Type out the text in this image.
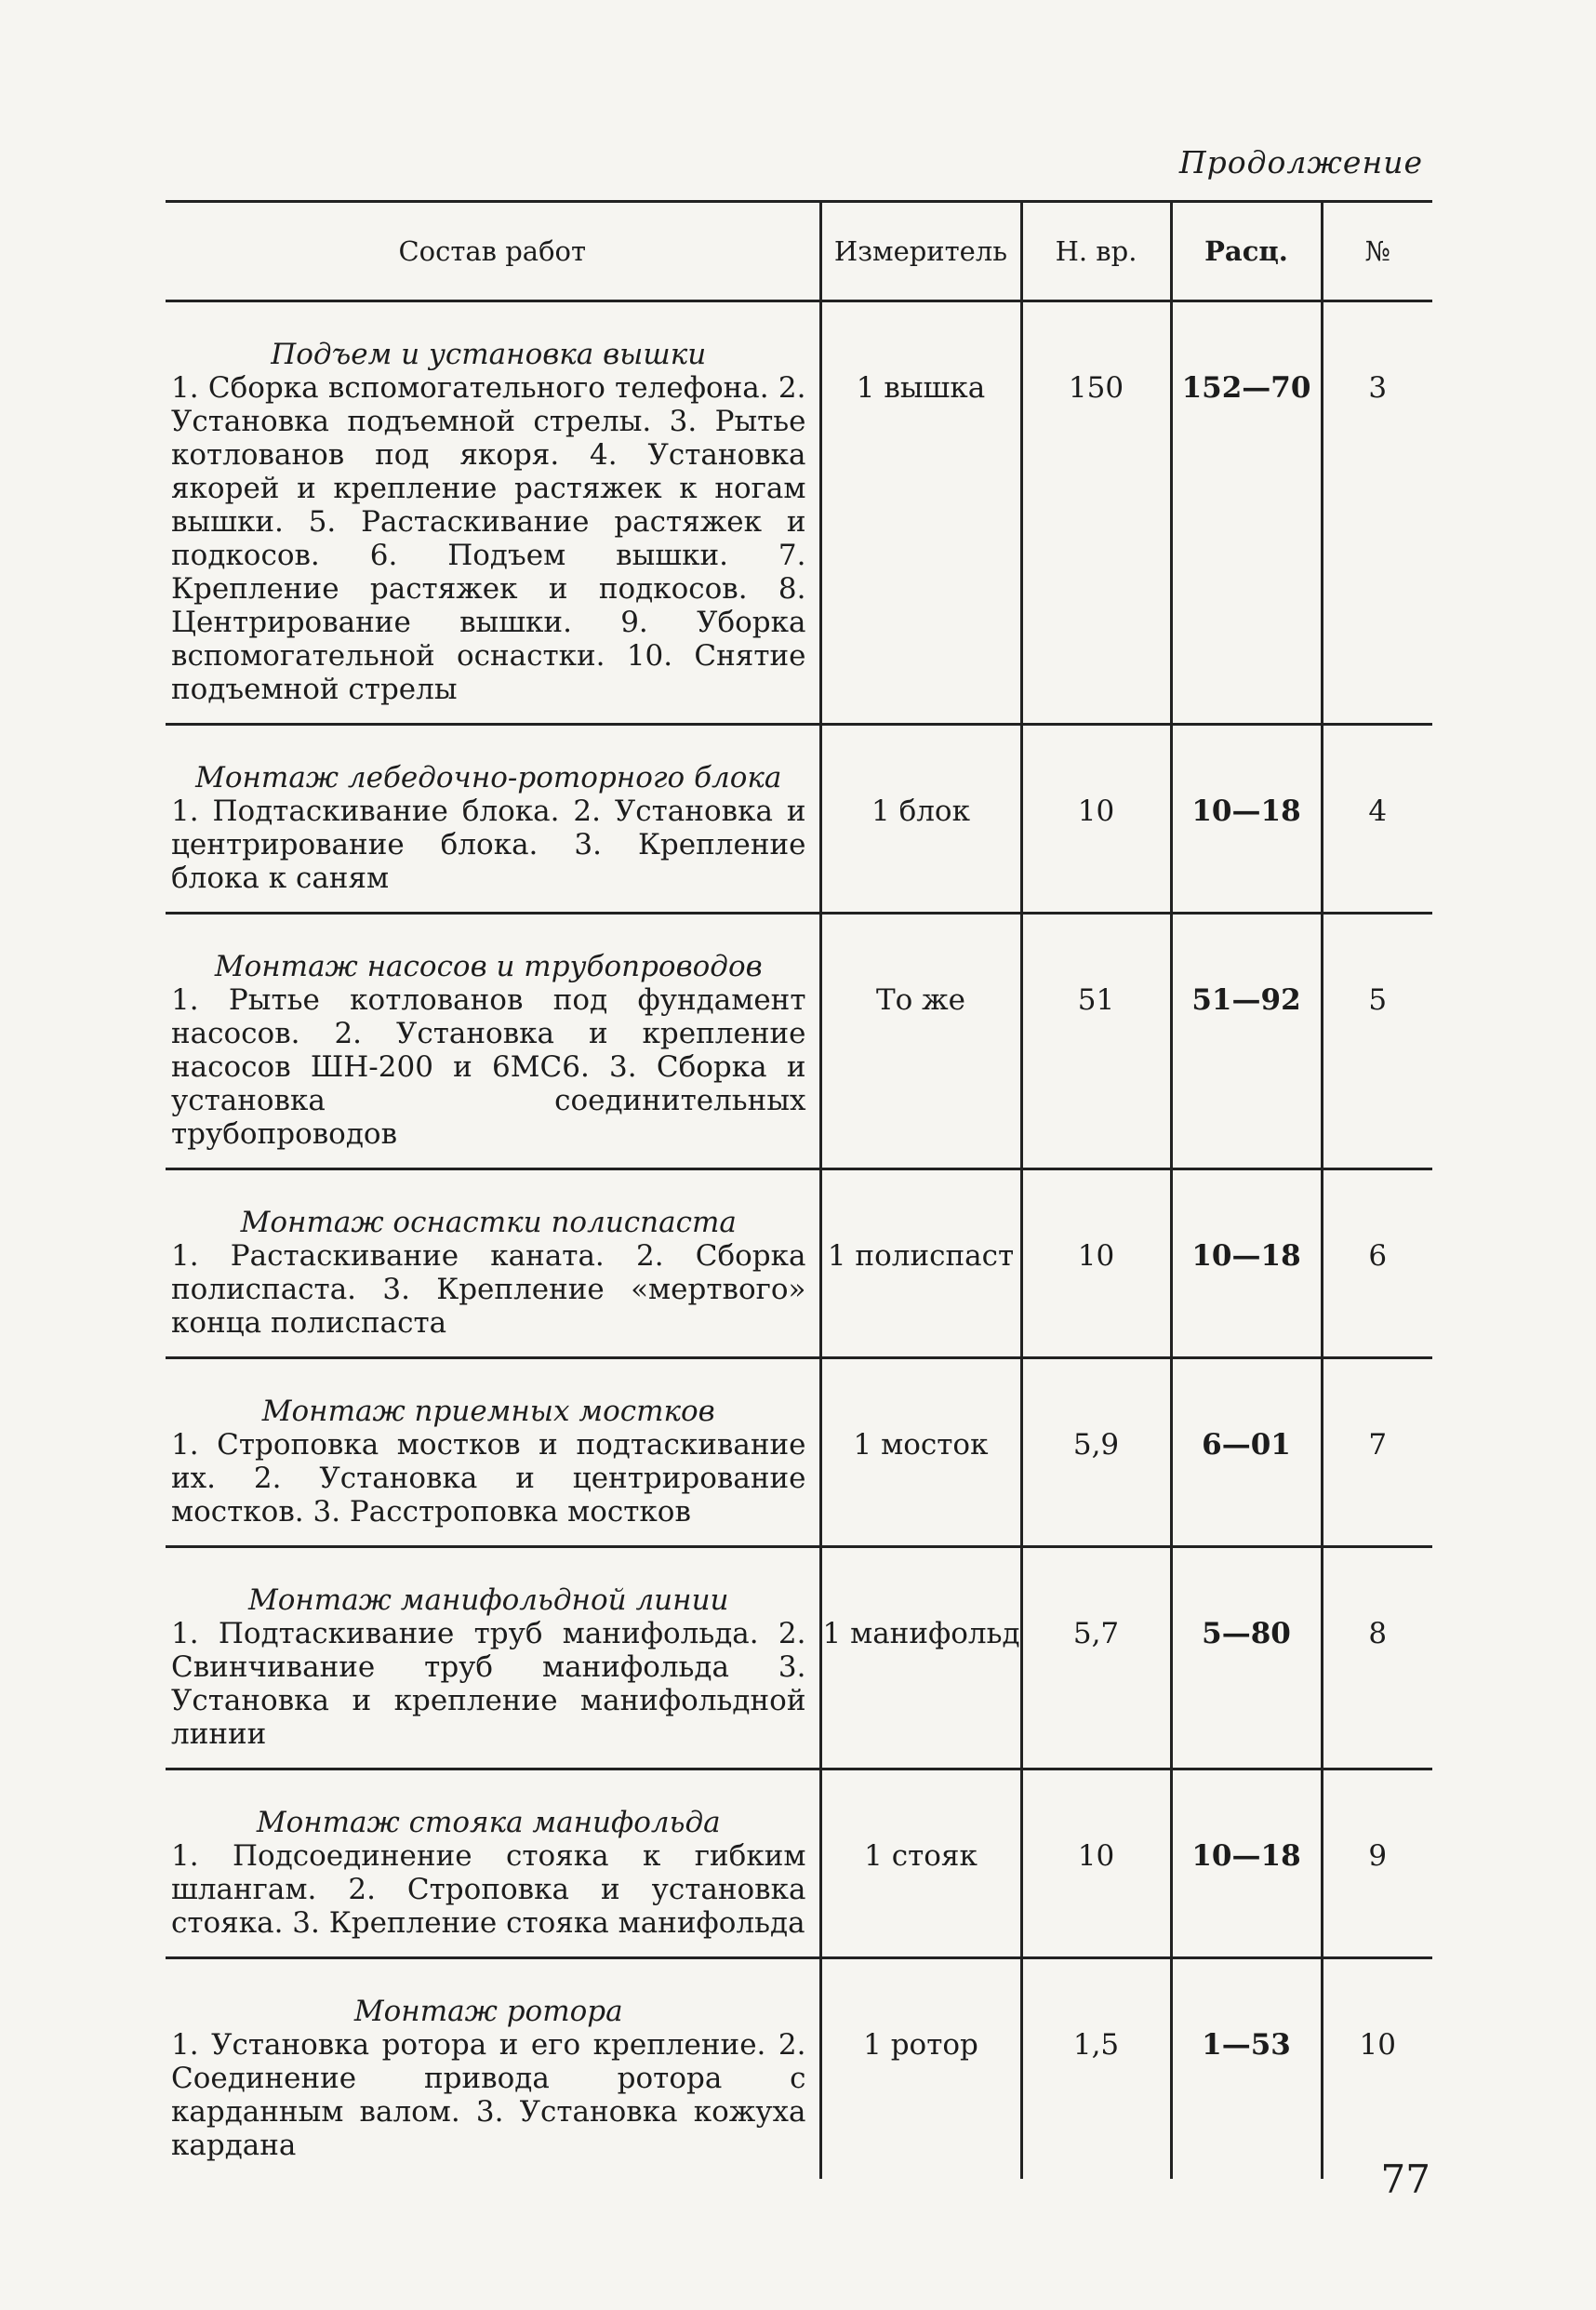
Продолжение
Состав работ	Измеритель	Н. вр.	Расц.	№

Подъем и установка вышки
1. Сборка вспомогательного телефона. 2. Установка подъемной стрелы. 3. Рытье котлованов под якоря. 4. Установка якорей и крепление растяжек к ногам вышки. 5. Растаскивание растяжек и подкосов. 6. Подъем вышки. 7. Крепление растяжек и подкосов. 8. Центрирование вышки. 9. Уборка вспомогательной оснастки. 10. Снятие подъемной стрелы	1 вышка	150	152—70	3

Монтаж лебедочно-роторного блока
1. Подтаскивание блока. 2. Установка и центрирование блока. 3. Крепление блока к саням	1 блок	10	10—18	4

Монтаж насосов и трубопроводов
1. Рытье котлованов под фундамент насосов. 2. Установка и крепление насосов ШН-200 и 6МС6. 3. Сборка и установка соединительных трубопроводов	То же	51	51—92	5

Монтаж оснастки полиспаста
1. Растаскивание каната. 2. Сборка полиспаста. 3. Крепление «мертвого» конца полиспаста	1 полиспаст	10	10—18	6

Монтаж приемных мостков
1. Строповка мостков и подтаскивание их. 2. Установка и центрирование мостков. 3. Расстроповка мостков	1 мосток	5,9	6—01	7

Монтаж манифольдной линии
1. Подтаскивание труб манифольда. 2. Свинчивание труб манифольда 3. Установка и крепление манифольдной линии	1 манифольд	5,7	5—80	8

Монтаж стояка манифольда
1. Подсоединение стояка к гибким шлангам. 2. Строповка и установка стояка. 3. Крепление стояка манифольда	1 стояк	10	10—18	9

Монтаж ротора
1. Установка ротора и его крепление. 2. Соединение привода ротора с карданным валом. 3. Установка кожуха кардана	1 ротор	1,5	1—53	10
77
